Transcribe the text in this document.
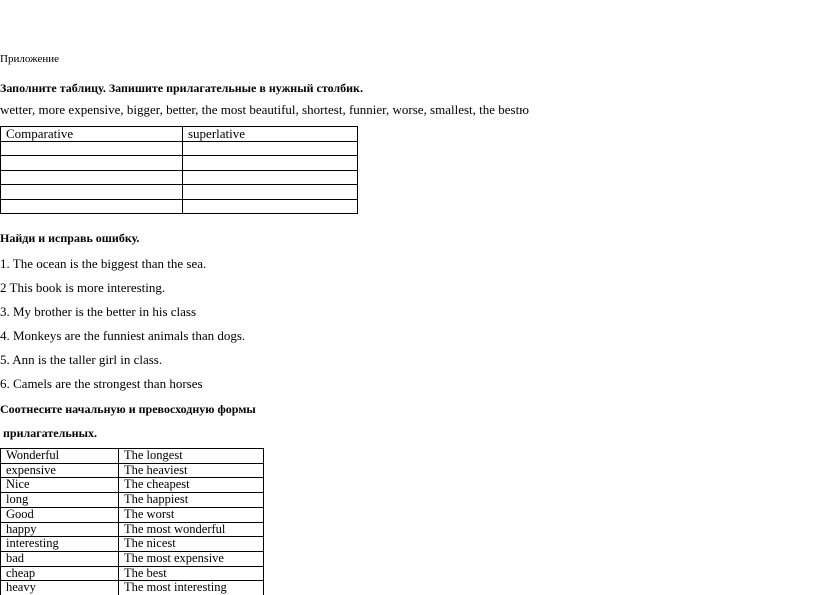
Приложение
Заполните таблицу. Запишите прилагательные в нужный столбик.
wetter, more expensive, bigger, better, the most beautiful, shortest, funnier, worse, smallest, the bestю
Comparative	superlative

Найди и исправь ошибку.
1. The ocean is the biggest than the sea.
2 This book is more interesting.
3. My brother is the better in his class
4. Monkeys are the funniest animals than dogs.
5. Ann is the taller girl in class.
6. Camels are the strongest than horses
Соотнесите начальную и превосходную формы
прилагательных.
Wonderful	The longest
expensive	The heaviest
Nice	The cheapest
long	The happiest
Good	The worst
happy	The most wonderful
interesting	The nicest
bad	The most expensive
cheap	The best
heavy	The most interesting
